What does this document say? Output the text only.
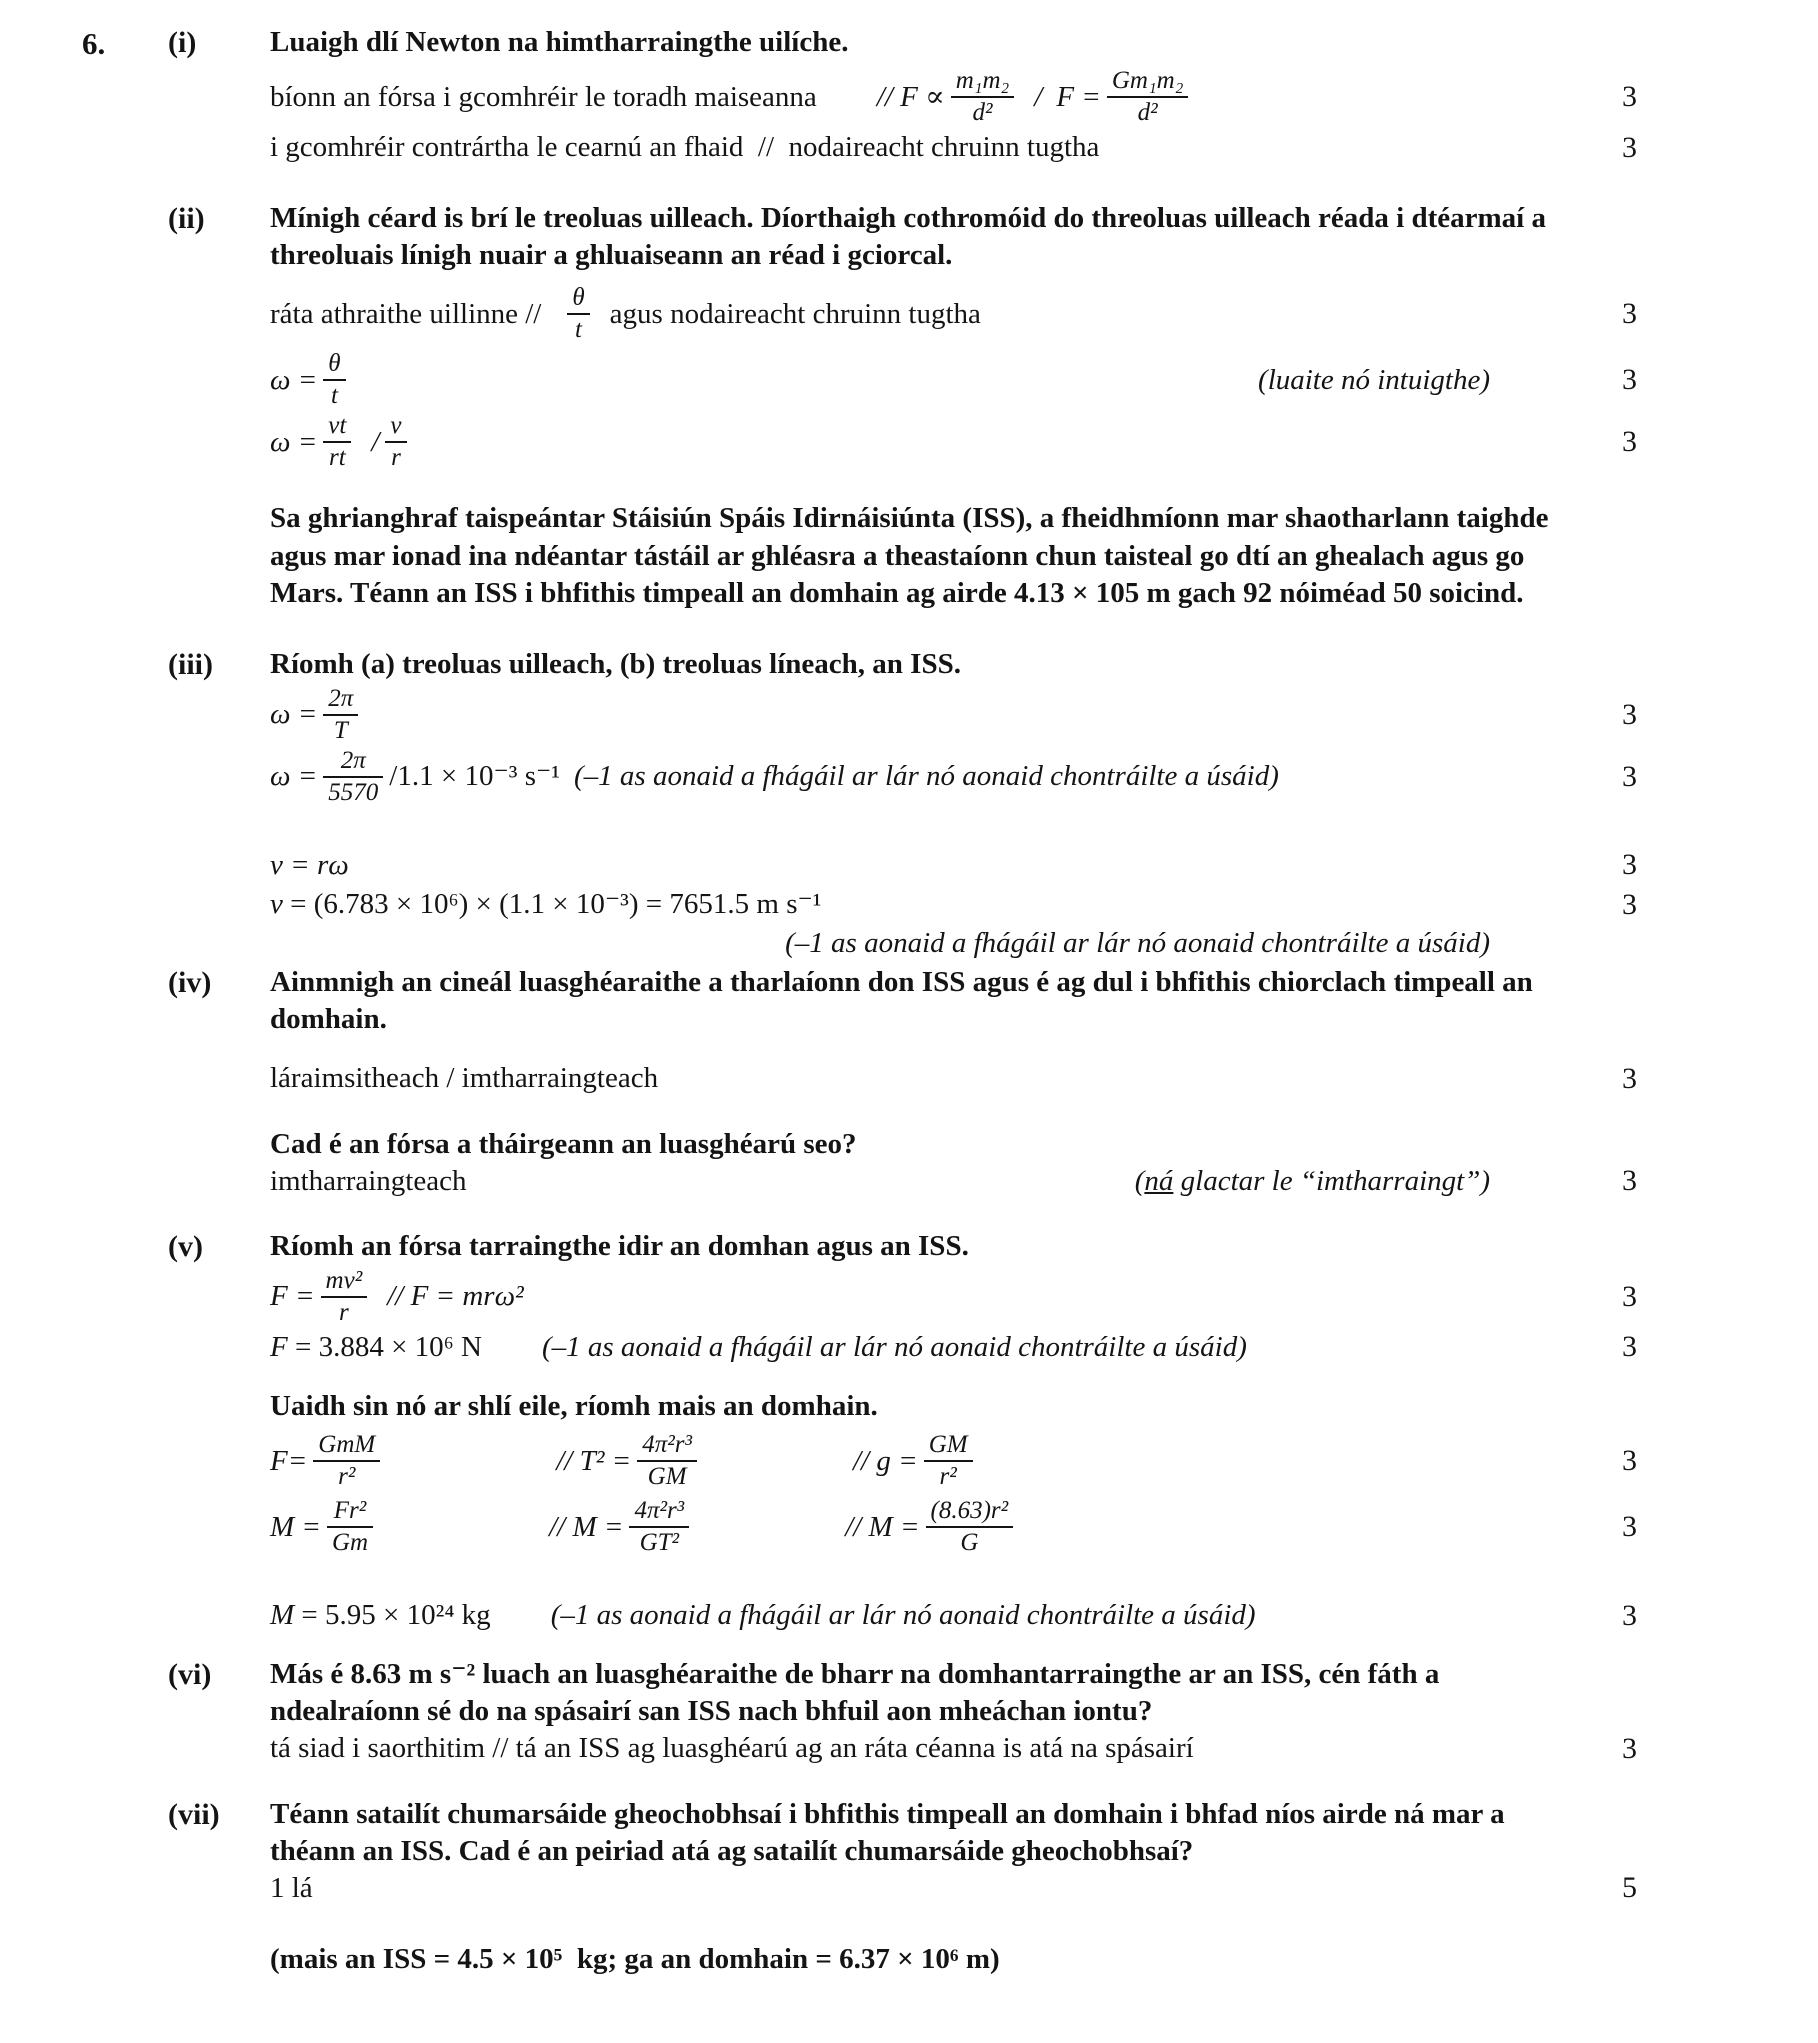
6. (i)	Luaigh dlí Newton na himtharraingthe uilíche.
bíonn an fórsa i gcomhréir le toradh maiseanna // $F \propto \frac{\text{m₁m₂}}{\text{d²}} / F = \frac{\text{Gm₁m₂}}{\text{d²}}$	3
i gcomhréir contrártha le cearnú an fhaid  //  nodaireacht chruinn tugtha	3
(ii) Mínigh céard is brí le treoluas uilleach. Díorthaigh cothromóid do threoluas uilleach réada i dtéarmaí a threoluais línigh nuair a ghluaiseann an réad i gciorcal.
ráta athraithe uillinne // $\frac{\theta}{t}$ agus nodaireacht chruinn tugtha	3
$\omega = \frac{\theta}{t}$	(luaite nó intuigthe)	3
$\omega = \frac{vt}{rt} / \frac{v}{r}$	3
Sa ghrianghraf taispeántar Stáisiún Spáis Idirnáisiúnta (ISS), a fheidhmíonn mar shaotharlann taighde agus mar ionad ina ndéantar tástáil ar ghléasra a theastaíonn chun taisteal go dtí an ghealach agus go Mars. Téann an ISS i bhfithis timpeall an domhain ag airde 4.13 × 105 m gach 92 nóiméad 50 soicind.
(iii) Ríomh (a) treoluas uilleach, (b) treoluas líneach, an ISS.
$\omega = \frac{2\pi}{T}$	3
$\omega = \frac{2\pi}{5570} /1.1 \times 10^{-3}$ s⁻¹ (–1 as aonaid a fhágáil ar lár nó aonaid chontráilte a úsáid)	3
v = rω	3
v = (6.783 × 10⁶) × (1.1 × 10⁻³) = 7651.5 m s⁻¹	3
(–1 as aonaid a fhágáil ar lár nó aonaid chontráilte a úsáid)
(iv) Ainmnigh an cineál luasghéaraithe a tharlaíonn don ISS agus é ag dul i bhfithis chiorclach timpeall an domhain.
láraimsitheach / imtharraingteach	3
Cad é an fórsa a tháirgeann an luasghéarú seo?
imtharraingteach	(ná glactar le “imtharraingt”)	3
(v) Ríomh an fórsa tarraingthe idir an domhan agus an ISS.
$F = \frac{\text{mv²}}{r} // F = mr\omega^2$	3
F = 3.884 × 10⁶ N (–1 as aonaid a fhágáil ar lár nó aonaid chontráilte a úsáid)	3
Uaidh sin nó ar shlí eile, ríomh mais an domhain.
$F= \frac{\text{GmM}}{\text{r²}}$	// $T^2 = \frac{\text{4π²r³}}{GM}$	// $g = \frac{GM}{\text{r²}}$	3
$M = \frac{\text{Fr²}}{Gm}$	// $M = \frac{\text{4π²r³}}{\text{GT²}}$	// $M = \frac{\text{(8.63)r²}}{G}$	3
M = 5.95 × 10²⁴ kg (–1 as aonaid a fhágáil ar lár nó aonaid chontráilte a úsáid)	3
(vi) Más é 8.63 m s⁻² luach an luasghéaraithe de bharr na domhantarraingthe ar an ISS, cén fáth a ndealraíonn sé do na spásairí san ISS nach bhfuil aon mheáchan iontu?
tá siad i saorthitim // tá an ISS ag luasghéarú ag an ráta céanna is atá na spásairí	3
(vii) Téann satailít chumarsáide gheochobhsaí i bhfithis timpeall an domhain i bhfad níos airde ná mar a théann an ISS. Cad é an peiriad atá ag satailít chumarsáide gheochobhsaí?
1 lá	5
(mais an ISS = 4.5 × 10⁵  kg; ga an domhain = 6.37 × 10⁶ m)
